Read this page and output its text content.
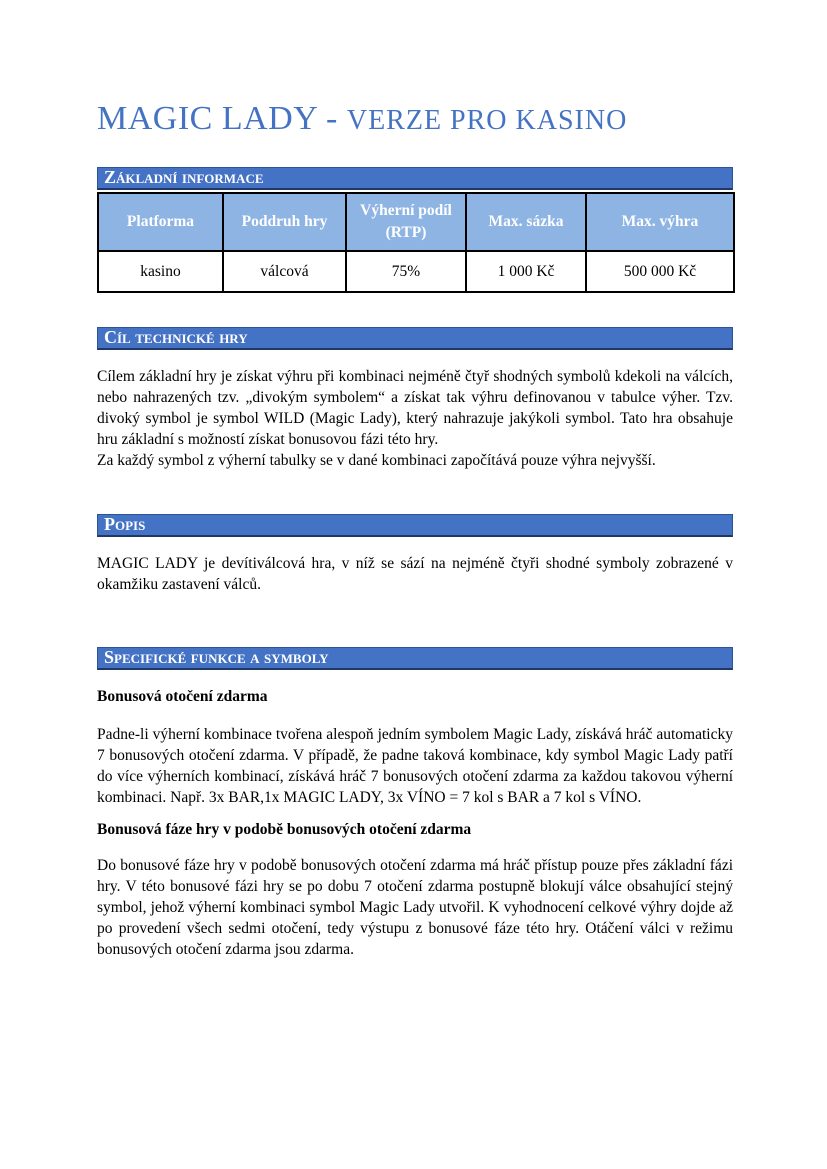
MAGIC LADY - VERZE PRO KASINO
Základní informace
Platforma	Poddruh hry	Výherní podíl (RTP)	Max. sázka	Max. výhra
kasino	válcová	75%	1 000 Kč	500 000 Kč
Cíl technické hry

Cílem základní hry je získat výhru při kombinaci nejméně čtyř shodných symbolů kdekoli na válcích, nebo nahrazených tzv. „divokým symbolem“ a získat tak výhru definovanou v tabulce výher. Tzv. divoký symbol je symbol WILD (Magic Lady), který nahrazuje jakýkoli symbol. Tato hra obsahuje hru základní s možností získat bonusovou fázi této hry.

Za každý symbol z výherní tabulky se v dané kombinaci započítává pouze výhra nejvyšší.

Popis

MAGIC LADY je devítiválcová hra, v níž se sází na nejméně čtyři shodné symboly zobrazené v okamžiku zastavení válců.

Specifické funkce a symboly

Bonusová otočení zdarma

Padne-li výherní kombinace tvořena alespoň jedním symbolem Magic Lady, získává hráč automaticky 7 bonusových otočení zdarma. V případě, že padne taková kombinace, kdy symbol Magic Lady patří do více výherních kombinací, získává hráč 7 bonusových otočení zdarma za každou takovou výherní kombinaci. Např. 3x BAR,1x MAGIC LADY, 3x VÍNO = 7 kol s BAR a 7 kol s VÍNO.

Bonusová fáze hry v podobě bonusových otočení zdarma

Do bonusové fáze hry v podobě bonusových otočení zdarma má hráč přístup pouze přes základní fázi hry. V této bonusové fázi hry se po dobu 7 otočení zdarma postupně blokují válce obsahující stejný symbol, jehož výherní kombinaci symbol Magic Lady utvořil. K vyhodnocení celkové výhry dojde až po provedení všech sedmi otočení, tedy výstupu z bonusové fáze této hry. Otáčení válci v režimu bonusových otočení zdarma jsou zdarma.
